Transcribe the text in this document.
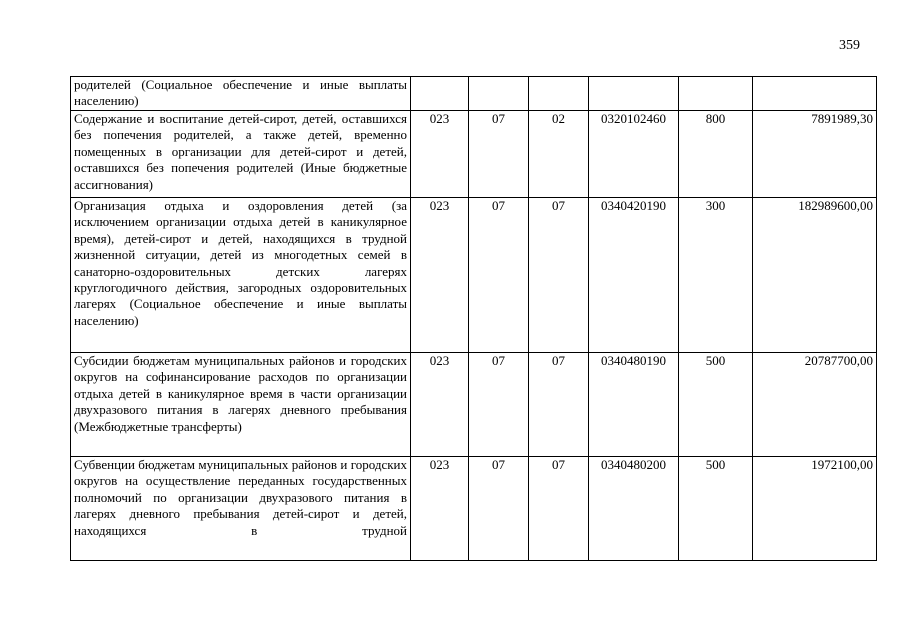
359
родителей (Социальное обеспечение и иные выплаты населению)						
Содержание и воспитание детей-сирот, детей, оставшихся без попечения родителей, а также детей, временно помещенных в организации для детей-сирот и детей, оставшихся без попечения родителей (Иные бюджетные ассигнования)	023	07	02	0320102460	800	7891989,30
Организация отдыха и оздоровления детей (за исключением организации отдыха детей в каникулярное время), детей-сирот и детей, находящихся в трудной жизненной ситуации, детей из многодетных семей в санаторно-оздоровительных детских лагерях круглогодичного действия, загородных оздоровительных лагерях (Социальное обеспечение и иные выплаты населению)	023	07	07	0340420190	300	182989600,00
Субсидии бюджетам муниципальных районов и городских округов на софинансирование расходов по организации отдыха детей в каникулярное время в части организации двухразового питания в лагерях дневного пребывания (Межбюджетные трансферты)	023	07	07	0340480190	500	20787700,00
Субвенции бюджетам муниципальных районов и городских округов на осуществление переданных государственных полномочий по организации двухразового питания в лагерях дневного пребывания детей-сирот и детей, находящихся в трудной	023	07	07	0340480200	500	1972100,00
